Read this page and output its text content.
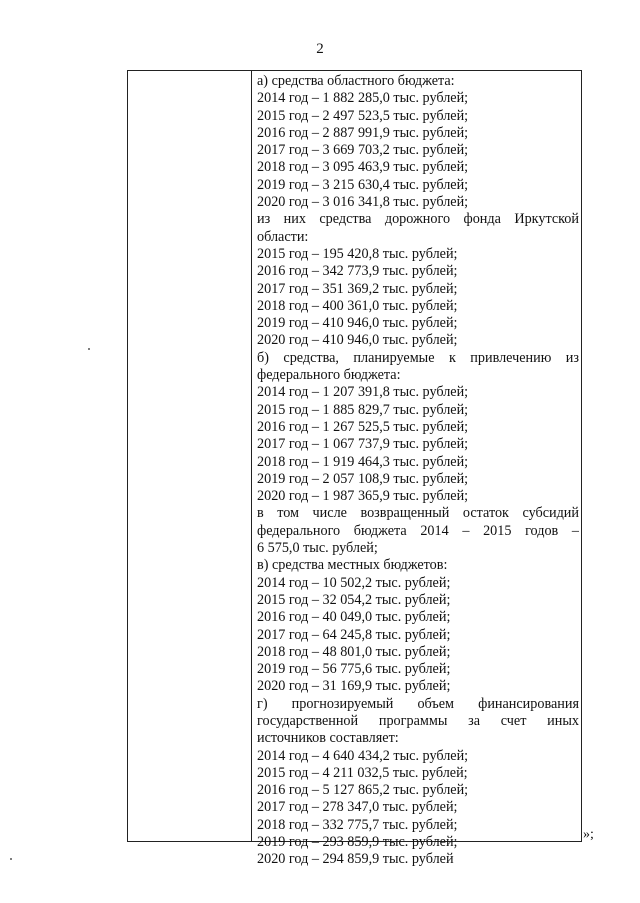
2
а) средства областного бюджета:
2014 год – 1 882 285,0 тыс. рублей;
2015 год – 2 497 523,5 тыс. рублей;
2016 год – 2 887 991,9 тыс. рублей;
2017 год – 3 669 703,2 тыс. рублей;
2018 год – 3 095 463,9 тыс. рублей;
2019 год – 3 215 630,4 тыс. рублей;
2020 год – 3 016 341,8 тыс. рублей;
из них средства дорожного фонда Иркутской
области:
2015 год – 195 420,8 тыс. рублей;
2016 год – 342 773,9 тыс. рублей;
2017 год – 351 369,2 тыс. рублей;
2018 год – 400 361,0 тыс. рублей;
2019 год – 410 946,0 тыс. рублей;
2020 год – 410 946,0 тыс. рублей;
б) средства, планируемые к привлечению из
федерального бюджета:
2014 год – 1 207 391,8 тыс. рублей;
2015 год – 1 885 829,7 тыс. рублей;
2016 год – 1 267 525,5 тыс. рублей;
2017 год – 1 067 737,9 тыс. рублей;
2018 год – 1 919 464,3 тыс. рублей;
2019 год – 2 057 108,9 тыс. рублей;
2020 год – 1 987 365,9 тыс. рублей;
в том числе возвращенный остаток субсидий
федерального бюджета 2014 – 2015 годов –
6 575,0 тыс. рублей;
в) средства местных бюджетов:
2014 год – 10 502,2 тыс. рублей;
2015 год – 32 054,2 тыс. рублей;
2016 год – 40 049,0 тыс. рублей;
2017 год – 64 245,8 тыс. рублей;
2018 год – 48 801,0 тыс. рублей;
2019 год – 56 775,6 тыс. рублей;
2020 год – 31 169,9 тыс. рублей;
г) прогнозируемый объем финансирования
государственной программы за счет иных
источников составляет:
2014 год – 4 640 434,2 тыс. рублей;
2015 год – 4 211 032,5 тыс. рублей;
2016 год – 5 127 865,2 тыс. рублей;
2017 год – 278 347,0 тыс. рублей;
2018 год – 332 775,7 тыс. рублей;
2019 год – 293 859,9 тыс. рублей;
2020 год – 294 859,9 тыс. рублей
»;
